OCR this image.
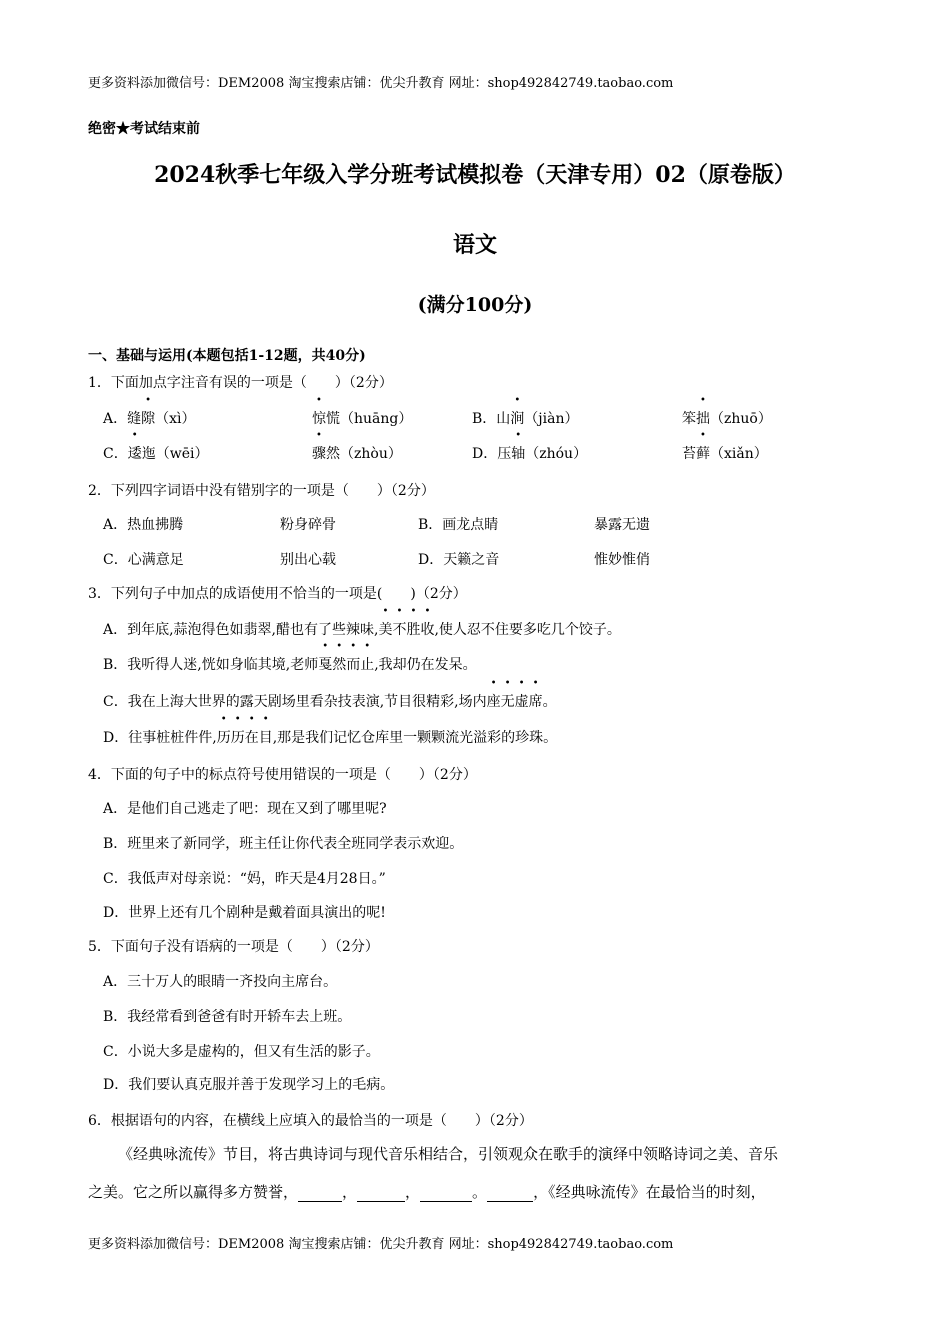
更多资料添加微信号：DEM2008 淘宝搜索店铺：优尖升教育 网址：shop492842749.taobao.com
绝密★考试结束前
2024秋季七年级入学分班考试模拟卷（天津专用）02（原卷版）
语文
(满分100分)
一、基础与运用(本题包括1-12题，共40分)
1．下面加点字注音有误的一项是（　　）（2分）
A．缝隙（xì）	惊慌（huāng）	B．山涧（jiàn）	笨拙（zhuō）
C．逶迤（wēi）	骤然（zhòu）	D．压轴（zhóu）	苔藓（xiǎn）
2．下列四字词语中没有错别字的一项是（　　）（2分）
A．热血拂腾	粉身碎骨	B．画龙点睛	暴露无遗
C．心满意足	别出心载	D．天籁之音	惟妙惟俏
3．下列句子中加点的成语使用不恰当的一项是(　　)（2分）
A．到年底,蒜泡得色如翡翠,醋也有了些辣味,美不胜收,使人忍不住要多吃几个饺子。
B．我听得人迷,恍如身临其境,老师戛然而止,我却仍在发呆。
C．我在上海大世界的露天剧场里看杂技表演,节目很精彩,场内座无虚席。
D．往事桩桩件件,历历在目,那是我们记忆仓库里一颗颗流光溢彩的珍珠。
4．下面的句子中的标点符号使用错误的一项是（　　）（2分）
A．是他们自己逃走了吧：现在又到了哪里呢?
B．班里来了新同学，班主任让你代表全班同学表示欢迎。
C．我低声对母亲说：“妈，昨天是4月28日。”
D．世界上还有几个剧种是戴着面具演出的呢!
5．下面句子没有语病的一项是（　　）（2分）
A．三十万人的眼睛一齐投向主席台。
B．我经常看到爸爸有时开轿车去上班。
C．小说大多是虚构的，但又有生活的影子。
D．我们要认真克服并善于发现学习上的毛病。
6．根据语句的内容，在横线上应填入的最恰当的一项是（　　）（2分）
《经典咏流传》节目，将古典诗词与现代音乐相结合，引领观众在歌手的演绎中领略诗词之美、音乐
之美。它之所以赢得多方赞誉，	，	，	。	，《经典咏流传》在最恰当的时刻，
更多资料添加微信号：DEM2008 淘宝搜索店铺：优尖升教育 网址：shop492842749.taobao.com
